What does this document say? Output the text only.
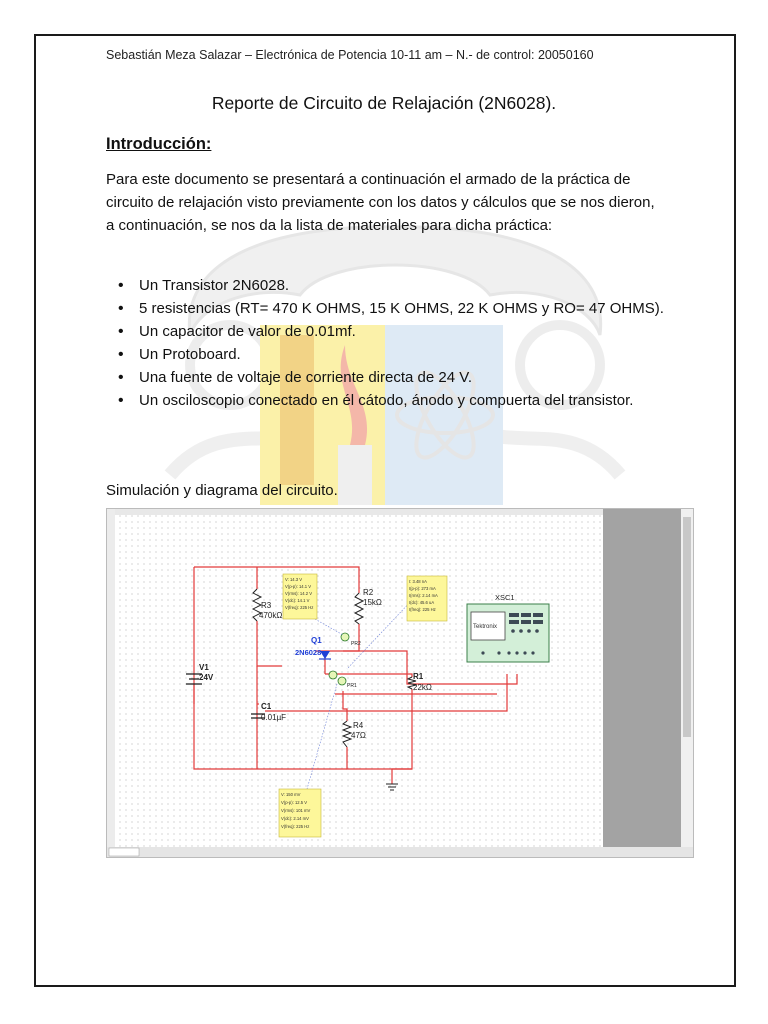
Sebastián Meza Salazar – Electrónica de Potencia 10-11 am – N.- de control: 20050160
Reporte de Circuito de Relajación (2N6028).
Introducción:
Para este documento se presentará a continuación el armado de la práctica de circuito de relajación visto previamente con los datos y cálculos que se nos dieron, a continuación, se nos da la lista de materiales para dicha práctica:
• Un Transistor 2N6028.
• 5 resistencias (RT= 470 K OHMS, 15 K OHMS, 22 K OHMS y RO= 47 OHMS).
• Un capacitor de valor de 0.01mf.
• Un Protoboard.
• Una fuente de voltaje de corriente directa de 24 V.
• Un osciloscopio conectado en él cátodo, ánodo y compuerta del transistor.
Simulación y diagrama del circuito.
V1
24V
R3
470kΩ
R2
15kΩ
Q1
2N6028
PR2
PR1
C1
0.01µF
R4
47Ω
R1
22kΩ
XSC1
Tektronix
V: 14.3 V
V(p-p): 14.1 V
V(rms): 14.2 V
V(dc): 14.1 V
V(freq): 225 Hz
I: 3.48 nA
I(p-p): 273 mA
I(rms): 2.14 mA
I(dc): 45.6 uA
I(freq): 225 Hz
V: 150 mV
V(p-p): 12.5 V
V(rms): 101 mV
V(dc): 2.14 mV
V(freq): 225 Hz
